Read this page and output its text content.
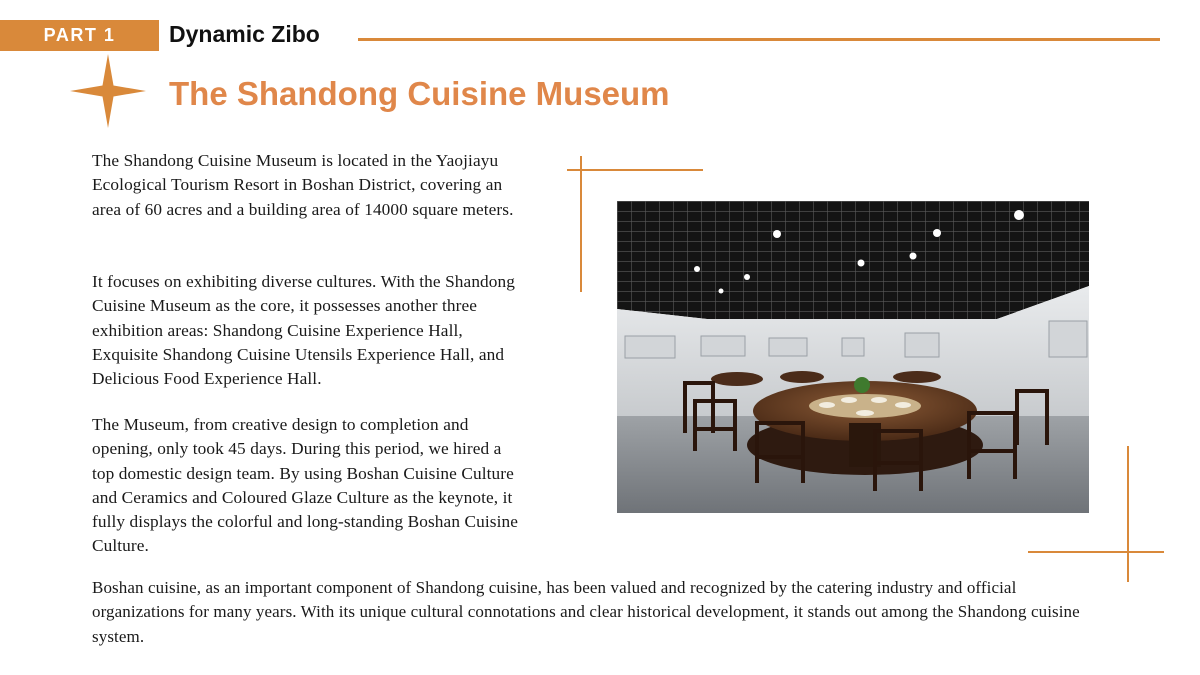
PART 1	Dynamic Zibo
The Shandong Cuisine Museum

The Shandong Cuisine Museum is located in the Yaojiayu Ecological Tourism Resort in Boshan District, covering an area of 60 acres and a building area of 14000 square meters.

It focuses on exhibiting diverse cultures. With the Shandong Cuisine Museum as the core, it possesses another three exhibition areas: Shandong Cuisine Experience Hall, Exquisite Shandong Cuisine Utensils Experience Hall, and Delicious Food Experience Hall.

The Museum, from creative design to completion and opening, only took 45 days. During this period, we hired a top domestic design team. By using Boshan Cuisine Culture and Ceramics and Coloured Glaze Culture as the keynote, it fully displays the colorful and long-standing Boshan Cuisine Culture.

Boshan cuisine, as an important component of Shandong cuisine, has been valued and recognized by the catering industry and official organizations for many years. With its unique cultural connotations and clear historical development, it stands out among the Shandong cuisine system.
